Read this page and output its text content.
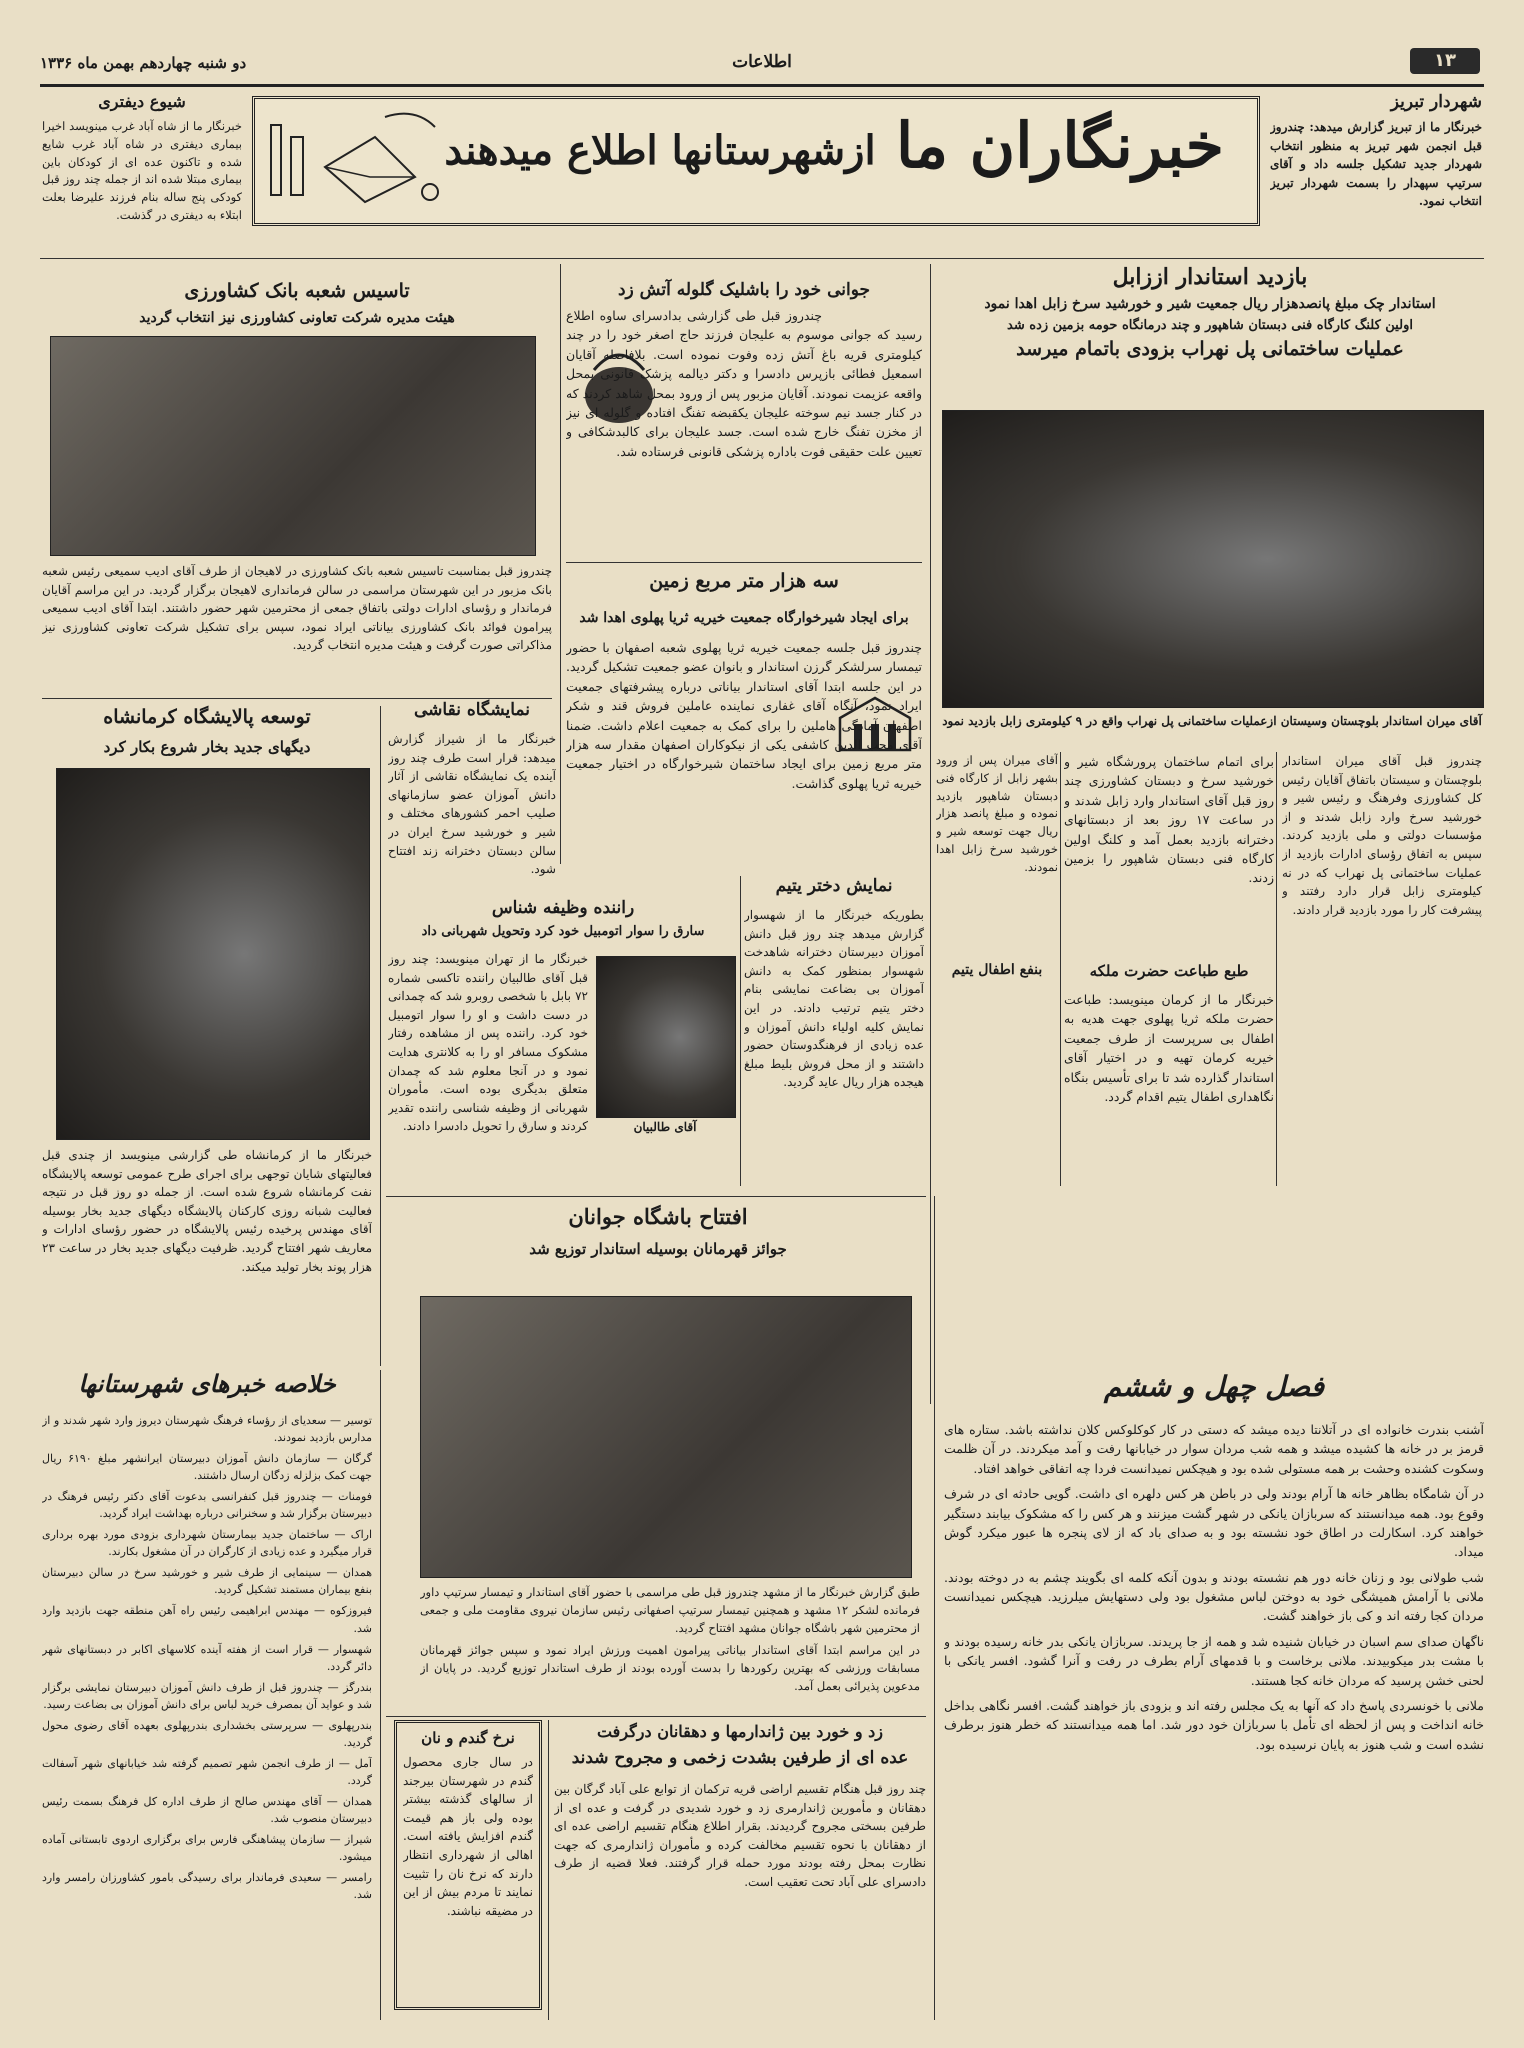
دو شنبه چهاردهم بهمن ماه ۱۳۳۶	اطلاعات	۱۳
شیوع دیفتری
خبرنگار ما از شاه آباد غرب مینویسد اخیرا بیماری دیفتری در شاه آباد غرب شایع شده و تاکنون عده ای از کودکان باین بیماری مبتلا شده اند از جمله چند روز قبل کودکی پنج ساله بنام فرزند علیرضا بعلت ابتلاء به دیفتری در گذشت.
ازشهرستانها اطلاع میدهند خبرنگاران ما
شهردار تبریز
خبرنگار ما از تبریز گزارش میدهد: چندروز قبل انجمن شهر تبریز به منظور انتخاب شهردار جدید تشکیل جلسه داد و آقای سرتیپ سپهدار را بسمت شهردار تبریز انتخاب نمود.
بازدید استاندار اززابل
استاندار چک مبلغ پانصدهزار ریال جمعیت شیر و خورشید سرخ زابل اهدا نمود
اولین کلنگ کارگاه فنی دبستان شاهپور و چند درمانگاه حومه بزمین زده شد
عملیات ساختمانی پل نهراب بزودی باتمام میرسد
آقای میران استاندار بلوچستان وسیستان ازعملیات ساختمانی پل نهراب واقع در ۹ کیلومتری زابل بازدید نمود
چندروز قبل آقای میران استاندار بلوچستان و سیستان باتفاق آقایان رئیس کل کشاورزی وفرهنگ و رئیس شیر و خورشید سرخ وارد زابل شدند و از مؤسسات دولتی و ملی بازدید کردند. سپس به اتفاق رؤسای ادارات بازدید از عملیات ساختمانی پل نهراب که در نه کیلومتری زابل قرار دارد رفتند و پیشرفت کار را مورد بازدید قرار دادند.
برای اتمام ساختمان پرورشگاه شیر و خورشید سرخ و دبستان کشاورزی چند روز قبل آقای استاندار وارد زابل شدند و در ساعت ۱۷ روز بعد از دبستانهای دخترانه بازدید بعمل آمد و کلنگ اولین کارگاه فنی دبستان شاهپور را بزمین زدند.
طبع طباعت حضرت ملکه
خبرنگار ما از کرمان مینویسد: طباعت حضرت ملکه ثریا پهلوی جهت هدیه به اطفال بی سرپرست از طرف جمعیت خیریه کرمان تهیه و در اختیار آقای استاندار گذارده شد تا برای تأسیس بنگاه نگاهداری اطفال یتیم اقدام گردد.
آقای میران پس از ورود بشهر زابل از کارگاه فنی دبستان شاهپور بازدید نموده و مبلغ پانصد هزار ریال جهت توسعه شیر و خورشید سرخ زابل اهدا نمودند.
بنفع اطفال یتیم
جوانی خود را باشلیک گلوله آتش زد
چندروز قبل طی گزارشی بدادسرای ساوه اطلاع رسید که جوانی موسوم به علیجان فرزند حاج اصغر خود را در چند کیلومتری قریه باغ آتش زده وفوت نموده است. بلافاصله آقایان اسمعیل فطائی بازپرس دادسرا و دکتر دیالمه پزشک قانونی بمحل واقعه عزیمت نمودند. آقایان مزبور پس از ورود بمحل شاهد کردند که در کنار جسد نیم سوخته علیجان یکقبضه تفنگ افتاده و گلوله ای نیز از مخزن تفنگ خارج شده است. جسد علیجان برای کالبدشکافی و تعیین علت حقیقی فوت باداره پزشکی قانونی فرستاده شد.
سه هزار متر مربع زمین
برای ایجاد شیرخوارگاه جمعیت خیریه ثریا پهلوی اهدا شد
چندروز قبل جلسه جمعیت خیریه ثریا پهلوی شعبه اصفهان با حضور تیمسار سرلشکر گرزن استاندار و بانوان عضو جمعیت تشکیل گردید. در این جلسه ابتدا آقای استاندار بیاناتی درباره پیشرفتهای جمعیت ایراد نمود، آنگاه آقای غفاری نماینده عاملین فروش قند و شکر اصفهان آمادگی هاملین را برای کمک به جمعیت اعلام داشت. ضمنا آقای محب الدین کاشفی یکی از نیکوکاران اصفهان مقدار سه هزار متر مربع زمین برای ایجاد ساختمان شیرخوارگاه در اختیار جمعیت خیریه ثریا پهلوی گذاشت.
تاسیس شعبه بانک کشاورزی
هیئت مدیره شرکت تعاونی کشاورزی نیز انتخاب گردید
چندروز قبل بمناسبت تاسیس شعبه بانک کشاورزی در لاهیجان از طرف آقای ادیب سمیعی رئیس شعبه بانک مزبور در این شهرستان مراسمی در سالن فرمانداری لاهیجان برگزار گردید. در این مراسم آقایان فرماندار و رؤسای ادارات دولتی باتفاق جمعی از محترمین شهر حضور داشتند. ابتدا آقای ادیب سمیعی پیرامون فوائد بانک کشاورزی بیاناتی ایراد نمود، سپس برای تشکیل شرکت تعاونی کشاورزی نیز مذاکراتی صورت گرفت و هیئت مدیره انتخاب گردید.
توسعه پالایشگاه کرمانشاه
دیگهای جدید بخار شروع بکار کرد
خبرنگار ما از کرمانشاه طی گزارشی مینویسد از چندی قبل فعالیتهای شایان توجهی برای اجرای طرح عمومی توسعه پالایشگاه نفت کرمانشاه شروع شده است. از جمله دو روز قبل در نتیجه فعالیت شبانه روزی کارکنان پالایشگاه دیگهای جدید بخار بوسیله آقای مهندس پرخیده رئیس پالایشگاه در حضور رؤسای ادارات و معاریف شهر افتتاح گردید. ظرفیت دیگهای جدید بخار در ساعت ۲۳ هزار پوند بخار تولید میکند.
نمایشگاه نقاشی
خبرنگار ما از شیراز گزارش میدهد: قرار است طرف چند روز آینده یک نمایشگاه نقاشی از آثار دانش آموزان عضو سازمانهای صلیب احمر کشورهای مختلف و شیر و خورشید سرخ ایران در سالن دبستان دخترانه زند افتتاح شود.
راننده وظیفه شناس
سارق را سوار اتومبیل خود کرد وتحویل شهربانی داد
آقای طالبیان
خبرنگار ما از تهران مینویسد: چند روز قبل آقای طالبیان راننده تاکسی شماره ۷۲ بابل با شخصی روبرو شد که چمدانی در دست داشت و او را سوار اتومبیل خود کرد. راننده پس از مشاهده رفتار مشکوک مسافر او را به کلانتری هدایت نمود و در آنجا معلوم شد که چمدان متعلق بدیگری بوده است. مأموران شهربانی از وظیفه شناسی راننده تقدیر کردند و سارق را تحویل دادسرا دادند.
نمایش دختر یتیم
بطوریکه خبرنگار ما از شهسوار گزارش میدهد چند روز قبل دانش آموزان دبیرستان دخترانه شاهدخت شهسوار بمنظور کمک به دانش آموزان بی بضاعت نمایشی بنام دختر یتیم ترتیب دادند. در این نمایش کلیه اولیاء دانش آموزان و عده زیادی از فرهنگدوستان حضور داشتند و از محل فروش بلیط مبلغ هیجده هزار ریال عاید گردید.
افتتاح باشگاه جوانان
جوائز قهرمانان بوسیله استاندار توزیع شد
طبق گزارش خبرنگار ما از مشهد چندروز قبل طی مراسمی با حضور آقای استاندار و تیمسار سرتیپ داور فرمانده لشکر ۱۲ مشهد و همچنین تیمسار سرتیپ اصفهانی رئیس سازمان نیروی مقاومت ملی و جمعی از محترمین شهر باشگاه جوانان مشهد افتتاح گردید.
در این مراسم ابتدا آقای استاندار بیاناتی پیرامون اهمیت ورزش ایراد نمود و سپس جوائز قهرمانان مسابقات ورزشی که بهترین رکوردها را بدست آورده بودند از طرف استاندار توزیع گردید. در پایان از مدعوین پذیرائی بعمل آمد.
خلاصه خبرهای شهرستانها
توسیر — سعدیای از رؤساء فرهنگ شهرستان دیروز وارد شهر شدند و از مدارس بازدید نمودند.
گرگان — سازمان دانش آموزان دبیرستان ایرانشهر مبلغ ۶۱۹۰ ریال جهت کمک بزلزله زدگان ارسال داشتند.
فومنات — چندروز قبل کنفرانسی بدعوت آقای دکتر رئیس فرهنگ در دبیرستان برگزار شد و سخنرانی درباره بهداشت ایراد گردید.
اراک — ساختمان جدید بیمارستان شهرداری بزودی مورد بهره برداری قرار میگیرد و عده زیادی از کارگران در آن مشغول بکارند.
همدان — سینمایی از طرف شیر و خورشید سرخ در سالن دبیرستان بنفع بیماران مستمند تشکیل گردید.
فیروزکوه — مهندس ابراهیمی رئیس راه آهن منطقه جهت بازدید وارد شد.
شهسوار — قرار است از هفته آینده کلاسهای اکابر در دبستانهای شهر دائر گردد.
بندرگز — چندروز قبل از طرف دانش آموزان دبیرستان نمایشی برگزار شد و عواید آن بمصرف خرید لباس برای دانش آموزان بی بضاعت رسید.
بندرپهلوی — سرپرستی بخشداری بندرپهلوی بعهده آقای رضوی محول گردید.
آمل — از طرف انجمن شهر تصمیم گرفته شد خیابانهای شهر آسفالت گردد.
همدان — آقای مهندس صالح از طرف اداره کل فرهنگ بسمت رئیس دبیرستان منصوب شد.
شیراز — سازمان پیشاهنگی فارس برای برگزاری اردوی تابستانی آماده میشود.
رامسر — سعیدی فرماندار برای رسیدگی بامور کشاورزان رامسر وارد شد.
زد و خورد بین ژاندارمها و دهقانان درگرفت
عده ای از طرفین بشدت زخمی و مجروح شدند
چند روز قبل هنگام تقسیم اراضی قریه ترکمان از توابع علی آباد گرگان بین دهقانان و مأمورین ژاندارمری زد و خورد شدیدی در گرفت و عده ای از طرفین بسختی مجروح گردیدند. بقرار اطلاع هنگام تقسیم اراضی عده ای از دهقانان با نحوه تقسیم مخالفت کرده و مأموران ژاندارمری که جهت نظارت بمحل رفته بودند مورد حمله قرار گرفتند. فعلا قضیه از طرف دادسرای علی آباد تحت تعقیب است.
نرخ گندم و نان
در سال جاری محصول گندم در شهرستان بیرجند از سالهای گذشته بیشتر بوده ولی باز هم قیمت گندم افزایش یافته است. اهالی از شهرداری انتظار دارند که نرخ نان را تثبیت نمایند تا مردم بیش از این در مضیقه نباشند.
فصل چهل و ششم
آشنب بندرت خانواده ای در آتلانتا دیده میشد که دستی در کار کوکلوکس کلان نداشته باشد. ستاره های قرمز بر در خانه ها کشیده میشد و همه شب مردان سوار در خیابانها رفت و آمد میکردند. در آن ظلمت وسکوت کشنده وحشت بر همه مستولی شده بود و هیچکس نمیدانست فردا چه اتفاقی خواهد افتاد.
در آن شامگاه بظاهر خانه ها آرام بودند ولی در باطن هر کس دلهره ای داشت. گویی حادثه ای در شرف وقوع بود. همه میدانستند که سربازان یانکی در شهر گشت میزنند و هر کس را که مشکوک بیابند دستگیر خواهند کرد. اسکارلت در اطاق خود نشسته بود و به صدای باد که از لای پنجره ها عبور میکرد گوش میداد.
شب طولانی بود و زنان خانه دور هم نشسته بودند و بدون آنکه کلمه ای بگویند چشم به در دوخته بودند. ملانی با آرامش همیشگی خود به دوختن لباس مشغول بود ولی دستهایش میلرزید. هیچکس نمیدانست مردان کجا رفته اند و کی باز خواهند گشت.
ناگهان صدای سم اسبان در خیابان شنیده شد و همه از جا پریدند. سربازان یانکی بدر خانه رسیده بودند و با مشت بدر میکوبیدند. ملانی برخاست و با قدمهای آرام بطرف در رفت و آنرا گشود. افسر یانکی با لحنی خشن پرسید که مردان خانه کجا هستند.
ملانی با خونسردی پاسخ داد که آنها به یک مجلس رفته اند و بزودی باز خواهند گشت. افسر نگاهی بداخل خانه انداخت و پس از لحظه ای تأمل با سربازان خود دور شد. اما همه میدانستند که خطر هنوز برطرف نشده است و شب هنوز به پایان نرسیده بود.
